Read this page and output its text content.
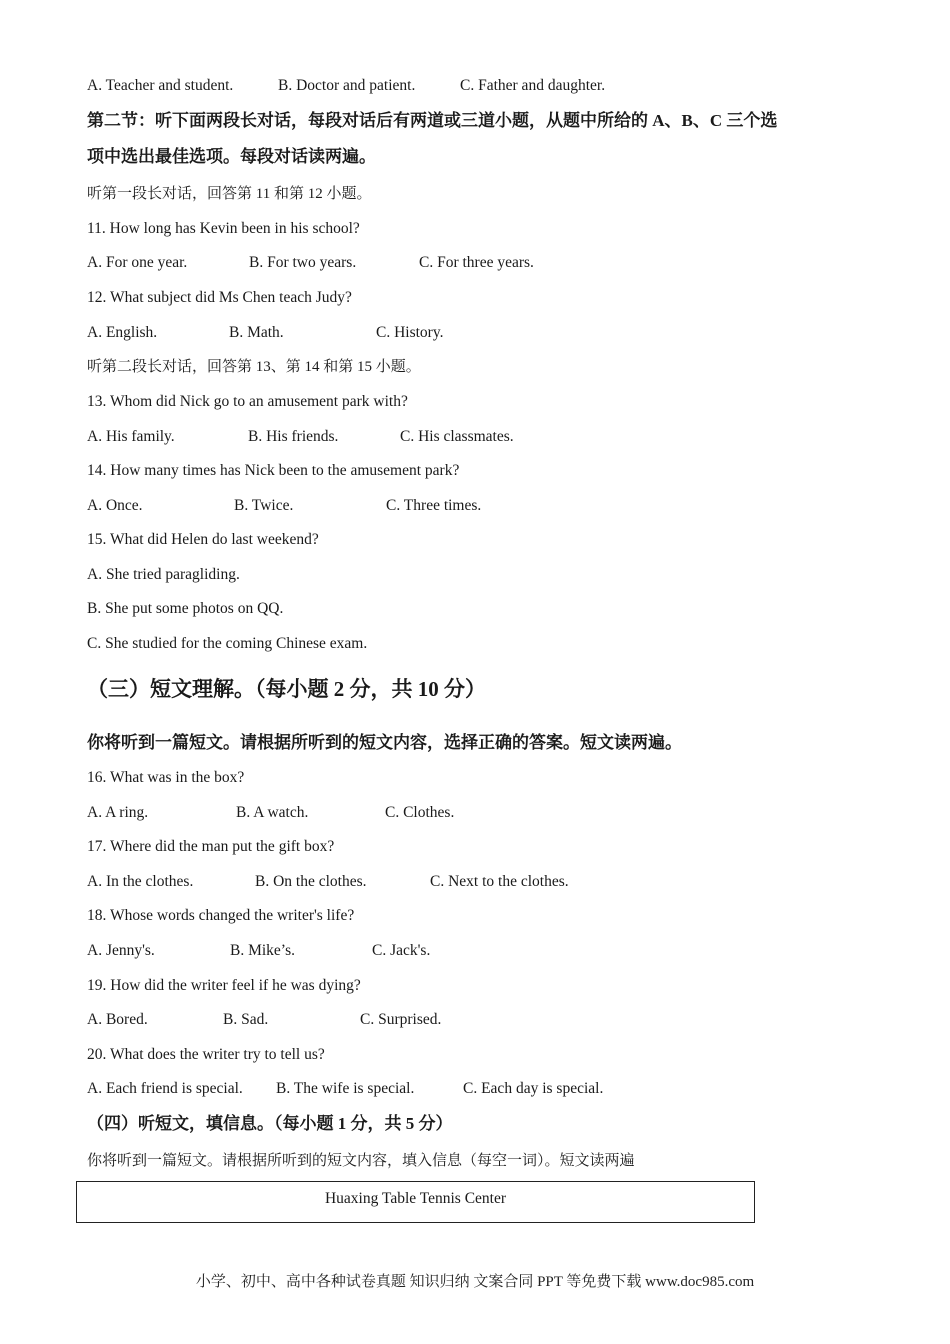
A. Teacher and student.	B. Doctor and patient.	C. Father and daughter.
第二节：听下面两段长对话，每段对话后有两道或三道小题，从题中所给的 A、B、C 三个选
项中选出最佳选项。每段对话读两遍。
听第一段长对话，回答第 11 和第 12 小题。
11. How long has Kevin been in his school?
A. For one year.	B. For two years.	C. For three years.
12. What subject did Ms Chen teach Judy?
A. English.	B. Math.	C. History.
听第二段长对话，回答第 13、第 14 和第 15 小题。
13. Whom did Nick go to an amusement park with?
A. His family.	B. His friends.	C. His classmates.
14. How many times has Nick been to the amusement park?
A. Once.	B. Twice.	C. Three times.
15. What did Helen do last weekend?
A. She tried paragliding.
B. She put some photos on QQ.
C. She studied for the coming Chinese exam.
（三）短文理解。（每小题 2 分，共 10 分）
你将听到一篇短文。请根据所听到的短文内容，选择正确的答案。短文读两遍。
16. What was in the box?
A. A ring.	B. A watch.	C. Clothes.
17. Where did the man put the gift box?
A. In the clothes.	B. On the clothes.	C. Next to the clothes.
18. Whose words changed the writer's life?
A. Jenny's.	B. Mike’s.	C. Jack's.
19. How did the writer feel if he was dying?
A. Bored.	B. Sad.	C. Surprised.
20. What does the writer try to tell us?
A. Each friend is special. B. The wife is special.	C. Each day is special.
（四）听短文，填信息。（每小题 1 分，共 5 分）
你将听到一篇短文。请根据所听到的短文内容，填入信息（每空一词）。短文读两遍
Huaxing Table Tennis Center
小学、初中、高中各种试卷真题 知识归纳 文案合同 PPT 等免费下载 www.doc985.com
